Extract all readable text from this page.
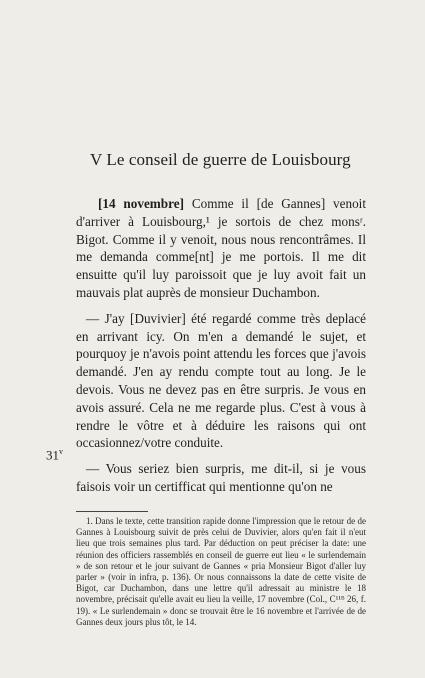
V Le conseil de guerre de Louisbourg

[14 novembre] Comme il [de Gannes] venoit d'arriver à Louisbourg,¹ je sortois de chez monsʳ. Bigot. Comme il y venoit, nous nous rencontrâmes. Il me demanda comme[nt] je me portois. Il me dit ensuitte qu'il luy paroissoit que je luy avoit fait un mauvais plat auprès de monsieur Duchambon.

— J'ay [Duvivier] été regardé comme très deplacé en arrivant icy. On m'en a demandé le sujet, et pourquoy je n'avois point attendu les forces que j'avois demandé. J'en ay rendu compte tout au long. Je le devois. Vous ne devez pas en être surpris. Je vous en avois assuré. Cela ne me regarde plus. C'est à vous à rendre le vôtre et à déduire les raisons qui ont occasionnez/votre conduite.

— Vous seriez bien surpris, me dit-il, si je vous faisois voir un certifficat qui mentionne qu'on ne

31$^v$

1. Dans le texte, cette transition rapide donne l'impression que le retour de de Gannes à Louisbourg suivit de près celui de Duvivier, alors qu'en fait il n'eut lieu que trois semaines plus tard. Par déduction on peut préciser la date: une réunion des officiers rassemblés en conseil de guerre eut lieu « le surlendemain » de son retour et le jour suivant de Gannes « pria Monsieur Bigot d'aller luy parler » (voir in infra, p. 136). Or nous connaissons la date de cette visite de Bigot, car Duchambon, dans une lettre qu'il adressait au ministre le 18 novembre, précisait qu'elle avait eu lieu la veille, 17 novembre (Col., C¹¹ᴮ 26, f. 19). « Le surlendemain » donc se trouvait être le 16 novembre et l'arrivée de de Gannes deux jours plus tôt, le 14.
